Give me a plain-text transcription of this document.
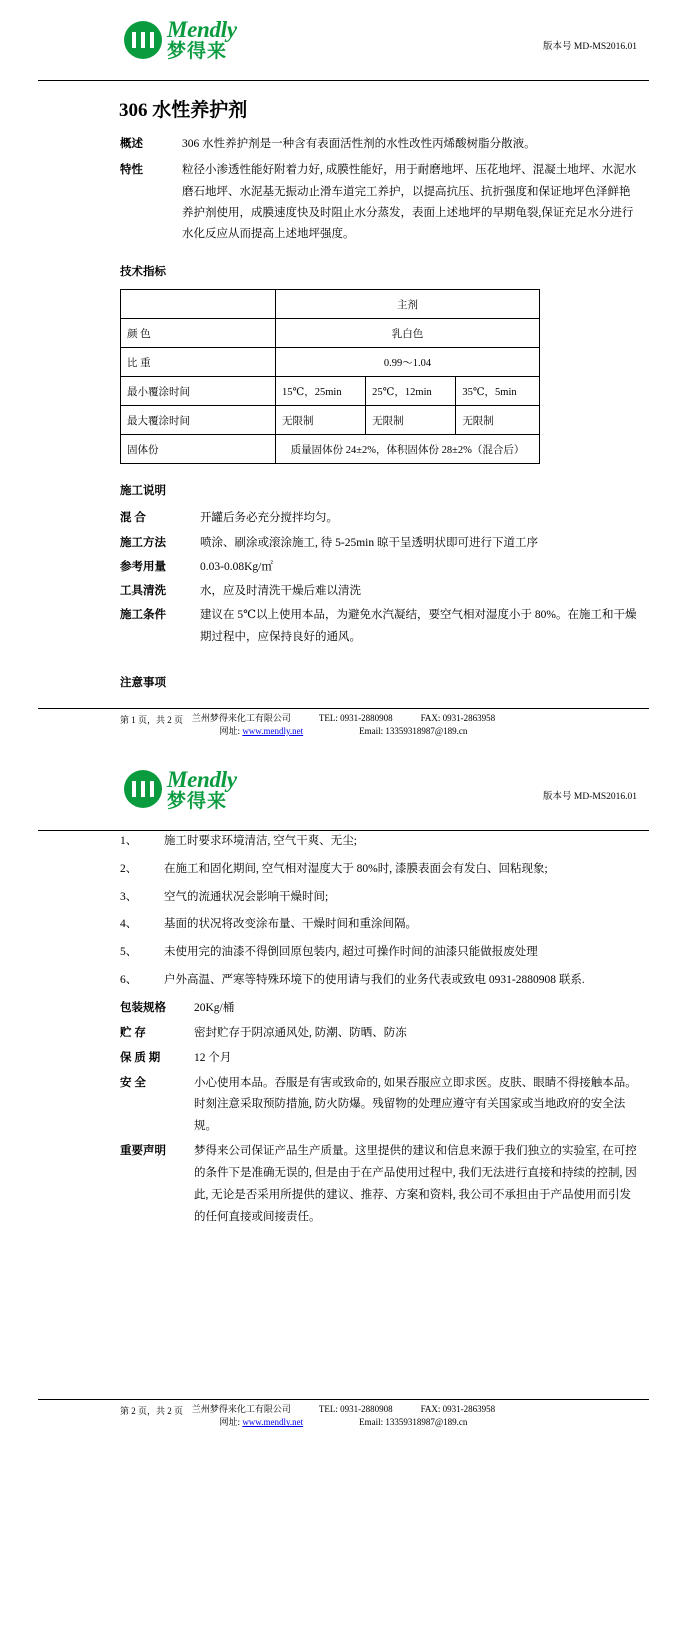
Mendly
梦得来	版本号 MD-MS2016.01
306 水性养护剂
概述	306 水性养护剂是一种含有表面活性剂的水性改性丙烯酸树脂分散液。
特性	粒径小渗透性能好附着力好, 成膜性能好，用于耐磨地坪、压花地坪、混凝土地坪、水泥水磨石地坪、水泥基无振动止滑车道完工养护，以提高抗压、抗折强度和保证地坪色泽鲜艳养护剂使用，成膜速度快及时阻止水分蒸发，表面上述地坪的早期龟裂,保证充足水分进行水化反应从而提高上述地坪强度。
技术指标
	主剂		
颜 色	乳白色		
比 重	0.99～1.04		
最小覆涂时间	15℃，25min	25℃，12min	35℃，5min
最大覆涂时间	无限制	无限制	无限制
固体份	质量固体份 24±2%，体积固体份 28±2%（混合后）		
施工说明
混 合	开罐后务必充分搅拌均匀。
施工方法	喷涂、刷涂或滚涂施工, 待 5-25min 晾干呈透明状即可进行下道工序
参考用量	0.03-0.08Kg/㎡
工具清洗	水，应及时清洗干燥后难以清洗
施工条件	建议在 5℃以上使用本品，为避免水汽凝结，要空气相对湿度小于 80%。在施工和干燥期过程中，应保持良好的通风。
注意事项
第 1 页，共 2 页 兰州梦得来化工有限公司	TEL: 0931-2880908	FAX: 0931-2863958
网址: www.mendly.net	Email: 13359318987@189.cn
Mendly
梦得来	版本号 MD-MS2016.01
1、	施工时要求环境清洁, 空气干爽、无尘;
2、	在施工和固化期间, 空气相对湿度大于 80%时, 漆膜表面会有发白、回粘现象;
3、	空气的流通状况会影响干燥时间;
4、	基面的状况将改变涂布量、干燥时间和重涂间隔。
5、	未使用完的油漆不得倒回原包装内, 超过可操作时间的油漆只能做报废处理
6、	户外高温、严寒等特殊环境下的使用请与我们的业务代表或致电 0931-2880908 联系.
包装规格	20Kg/桶
贮 存	密封贮存于阴凉通风处, 防潮、防晒、防冻
保 质 期	12 个月
安 全	小心使用本品。吞服是有害或致命的, 如果吞服应立即求医。皮肤、眼睛不得接触本品。时刻注意采取预防措施, 防火防爆。残留物的处理应遵守有关国家或当地政府的安全法规。
重要声明	梦得来公司保证产品生产质量。这里提供的建议和信息来源于我们独立的实验室, 在可控的条件下是准确无误的, 但是由于在产品使用过程中, 我们无法进行直接和持续的控制, 因此, 无论是否采用所提供的建议、推荐、方案和资料, 我公司不承担由于产品使用而引发的任何直接或间接责任。
第 2 页，共 2 页 兰州梦得来化工有限公司	TEL: 0931-2880908	FAX: 0931-2863958
网址: www.mendly.net	Email: 13359318987@189.cn
